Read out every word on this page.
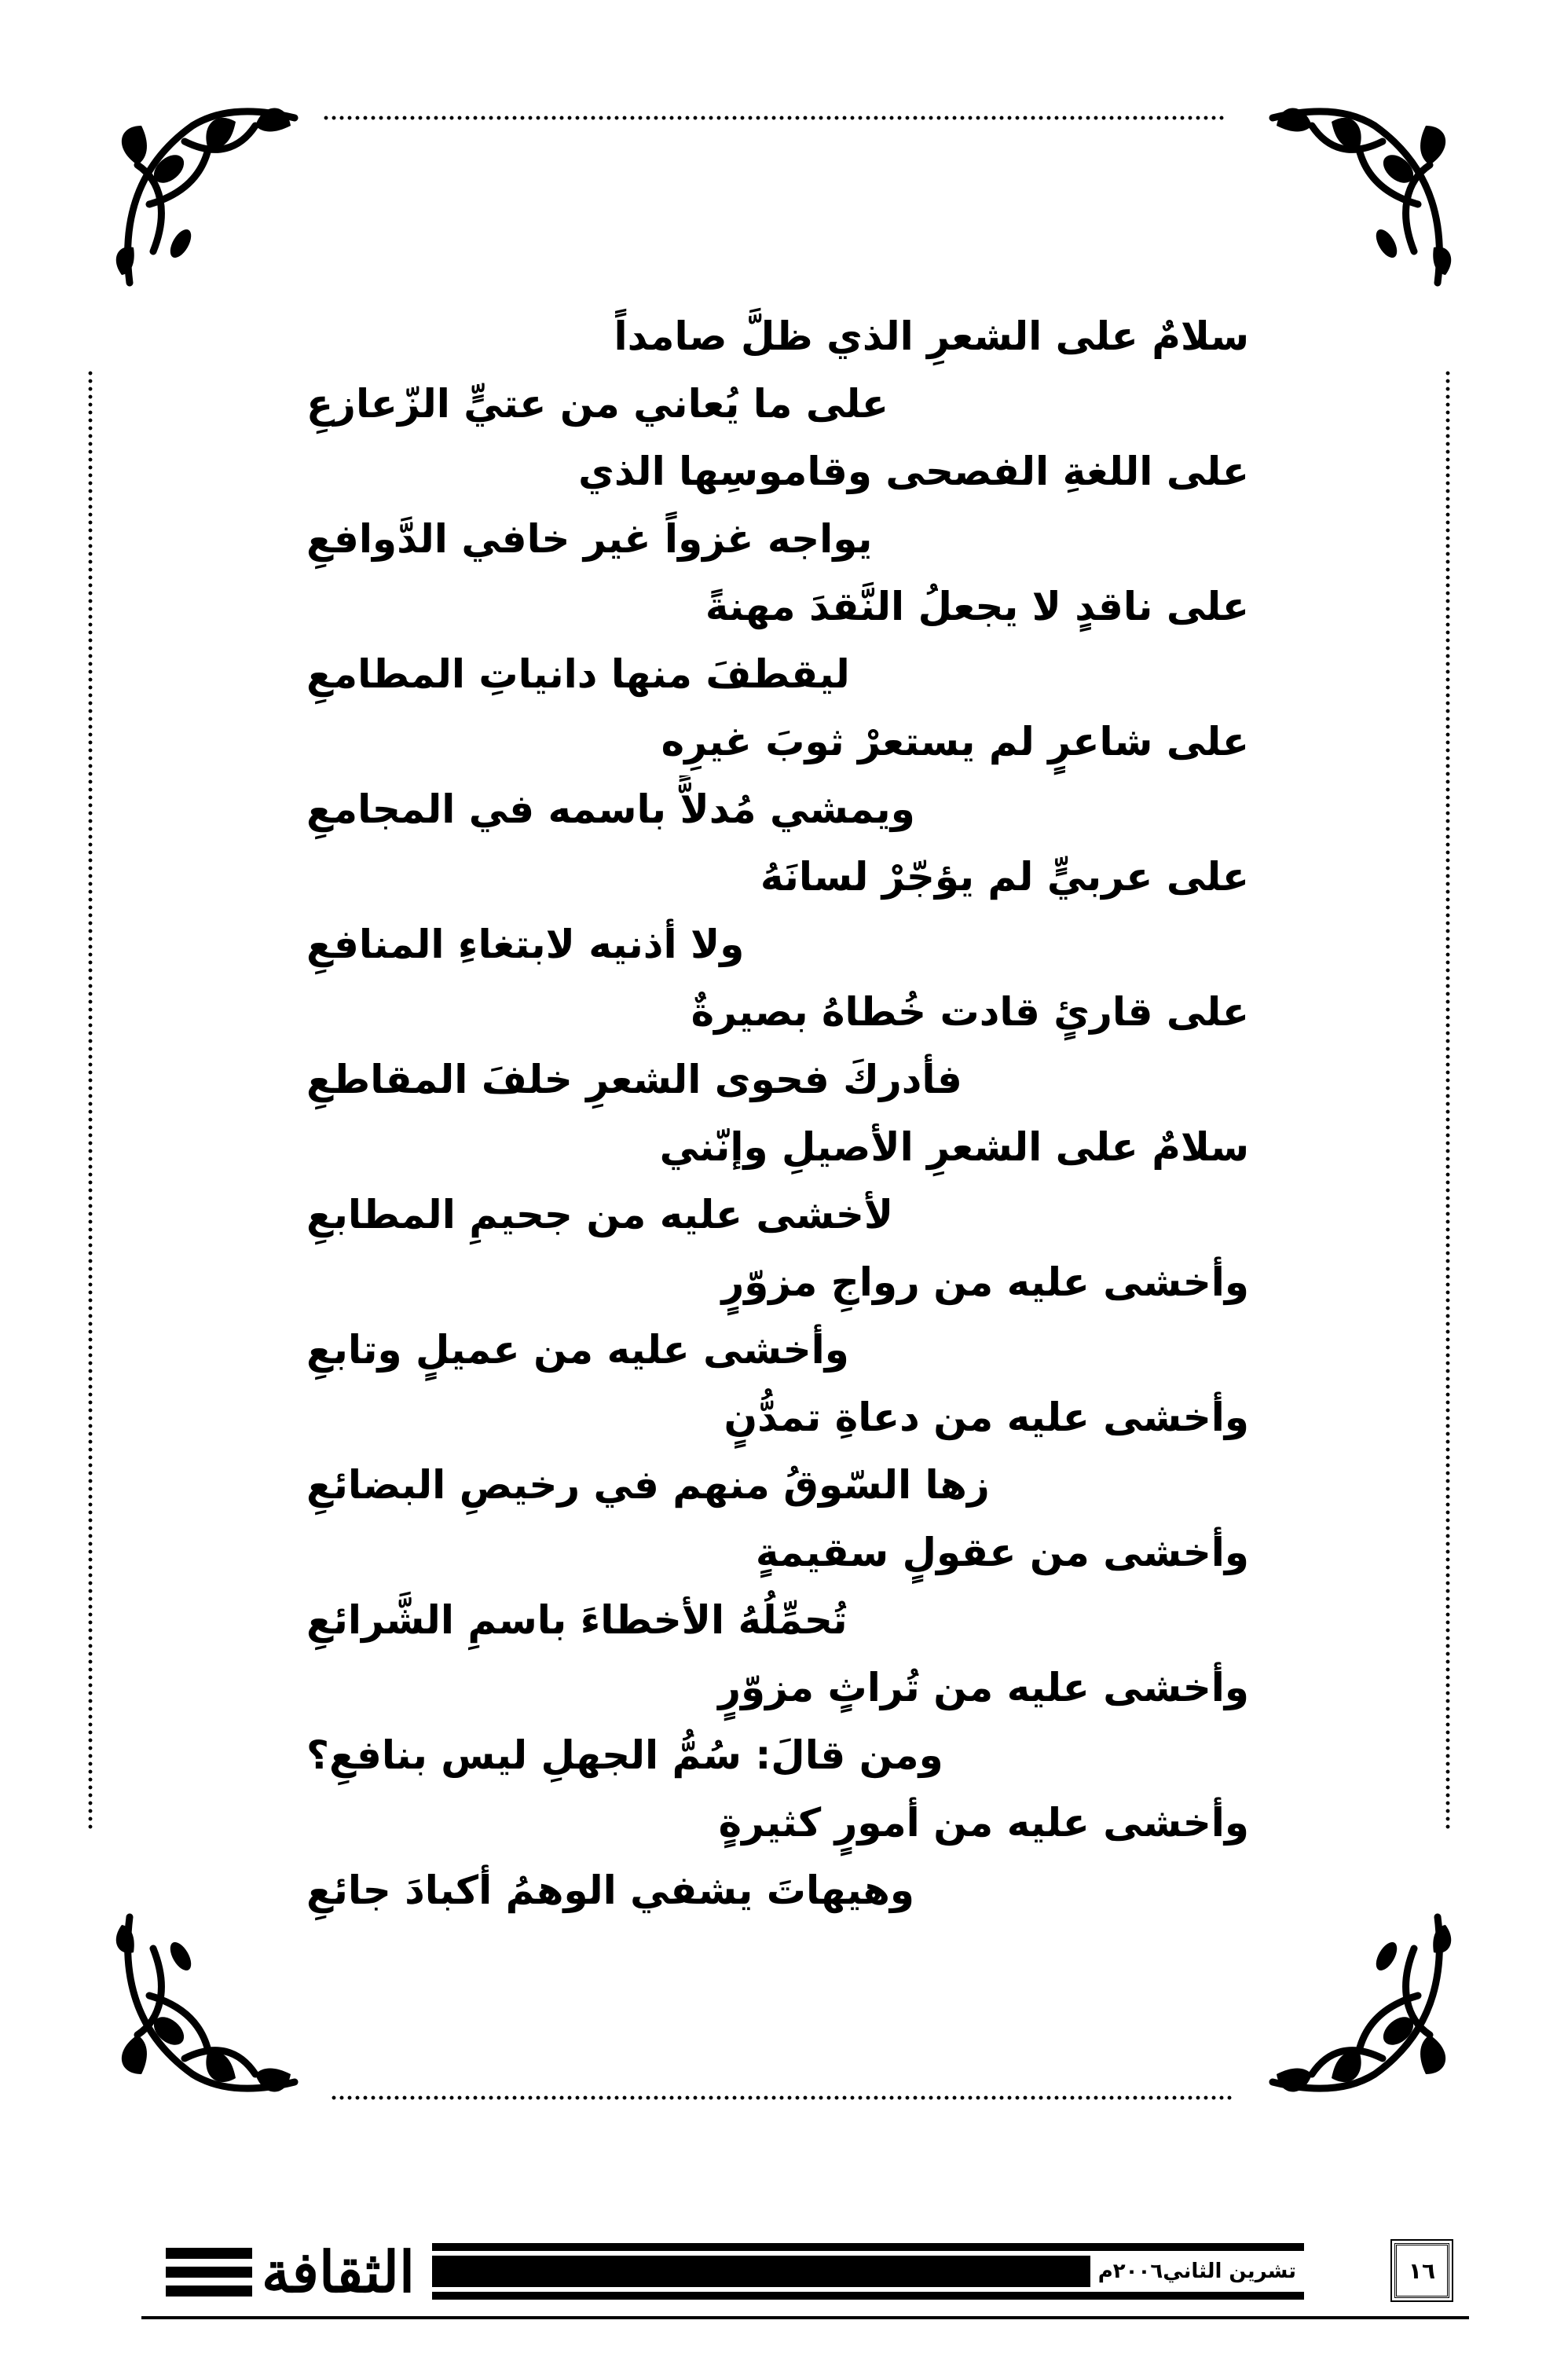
سلامٌ على الشعرِ الذي ظلَّ صامداً
على ما يُعاني من عتيٍّ الزّعازعِ
على اللغةِ الفصحى وقاموسِها الذي
يواجه غزواً غير خافي الدَّوافعِ
على ناقدٍ لا يجعلُ النَّقدَ مهنةً
ليقطفَ منها دانياتِ المطامعِ
على شاعرٍ لم يستعرْ ثوبَ غيرِه
ويمشي مُدلاًّ باسمه في المجامعِ
على عربيٍّ لم يؤجّرْ لسانَهُ
ولا أذنيه لابتغاءِ المنافعِ
على قارئٍ قادت خُطاهُ بصيرةٌ
فأدركَ فحوى الشعرِ خلفَ المقاطعِ
سلامٌ على الشعرِ الأصيلِ وإنّني
لأخشى عليه من جحيمِ المطابعِ
وأخشى عليه من رواجِ مزوّرٍ
وأخشى عليه من عميلٍ وتابعِ
وأخشى عليه من دعاةِ تمدُّنٍ
زها السّوقُ منهم في رخيصِ البضائعِ
وأخشى من عقولٍ سقيمةٍ
تُحمِّلُهُ الأخطاءَ باسمِ الشَّرائعِ
وأخشى عليه من تُراثٍ مزوّرٍ
ومن قالَ: سُمُّ الجهلِ ليس بنافعِ؟
وأخشى عليه من أمورٍ كثيرةٍ
وهيهاتَ يشفي الوهمُ أكبادَ جائعِ
الثقافة	تشرين الثاني٢٠٠٦م	١٦
